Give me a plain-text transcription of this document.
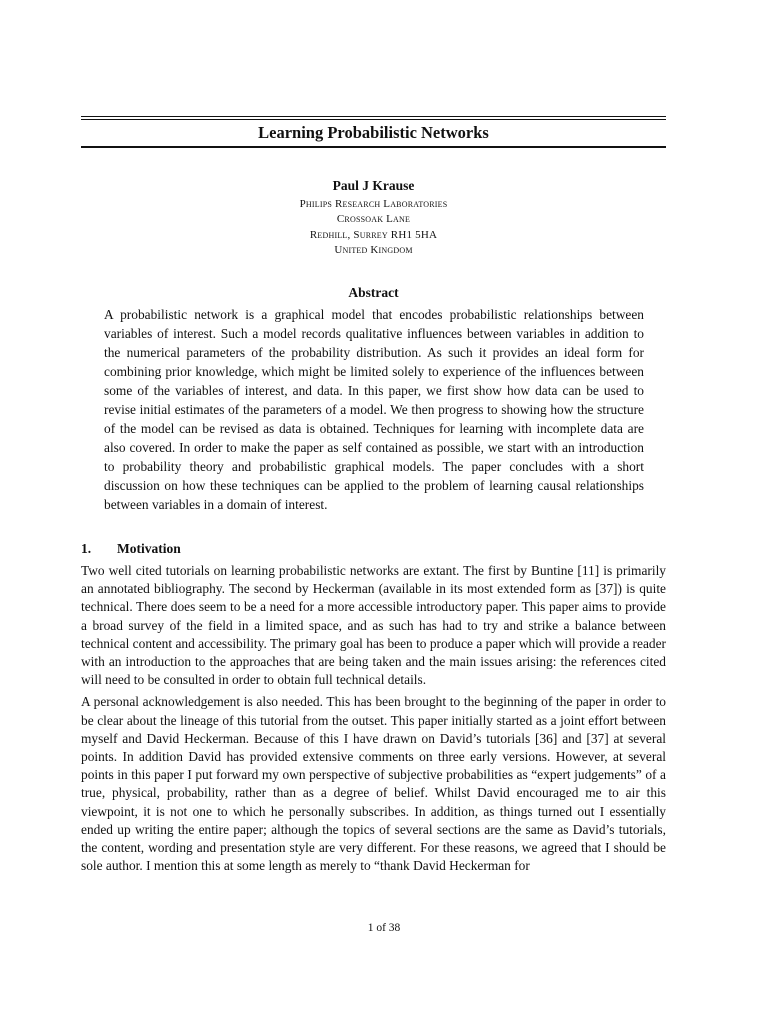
Learning Probabilistic Networks
Paul J Krause
Philips Research Laboratories
Crossoak Lane
Redhill, Surrey RH1 5HA
United Kingdom
Abstract

A probabilistic network is a graphical model that encodes probabilistic relationships between variables of interest. Such a model records qualitative influences between variables in addition to the numerical parameters of the probability distribution. As such it provides an ideal form for combining prior knowledge, which might be limited solely to experience of the influences between some of the variables of interest, and data. In this paper, we first show how data can be used to revise initial estimates of the parameters of a model. We then progress to showing how the structure of the model can be revised as data is obtained. Techniques for learning with incomplete data are also covered. In order to make the paper as self contained as possible, we start with an introduction to probability theory and probabilistic graphical models. The paper concludes with a short discussion on how these techniques can be applied to the problem of learning causal relationships between variables in a domain of interest.

1. Motivation

Two well cited tutorials on learning probabilistic networks are extant. The first by Buntine [11] is primarily an annotated bibliography. The second by Heckerman (available in its most extended form as [37]) is quite technical. There does seem to be a need for a more accessible introductory paper. This paper aims to provide a broad survey of the field in a limited space, and as such has had to try and strike a balance between technical content and accessibility. The primary goal has been to produce a paper which will provide a reader with an introduction to the approaches that are being taken and the main issues arising: the references cited will need to be consulted in order to obtain full technical details.

A personal acknowledgement is also needed. This has been brought to the beginning of the paper in order to be clear about the lineage of this tutorial from the outset. This paper initially started as a joint effort between myself and David Heckerman. Because of this I have drawn on David’s tutorials [36] and [37] at several points. In addition David has provided extensive comments on three early versions. However, at several points in this paper I put forward my own perspective of subjective probabilities as “expert judgements” of a true, physical, probability, rather than as a degree of belief. Whilst David encouraged me to air this viewpoint, it is not one to which he personally subscribes. In addition, as things turned out I essentially ended up writing the entire paper; although the topics of several sections are the same as David’s tutorials, the content, wording and presentation style are very different. For these reasons, we agreed that I should be sole author. I mention this at some length as merely to “thank David Heckerman for

1 of 38
